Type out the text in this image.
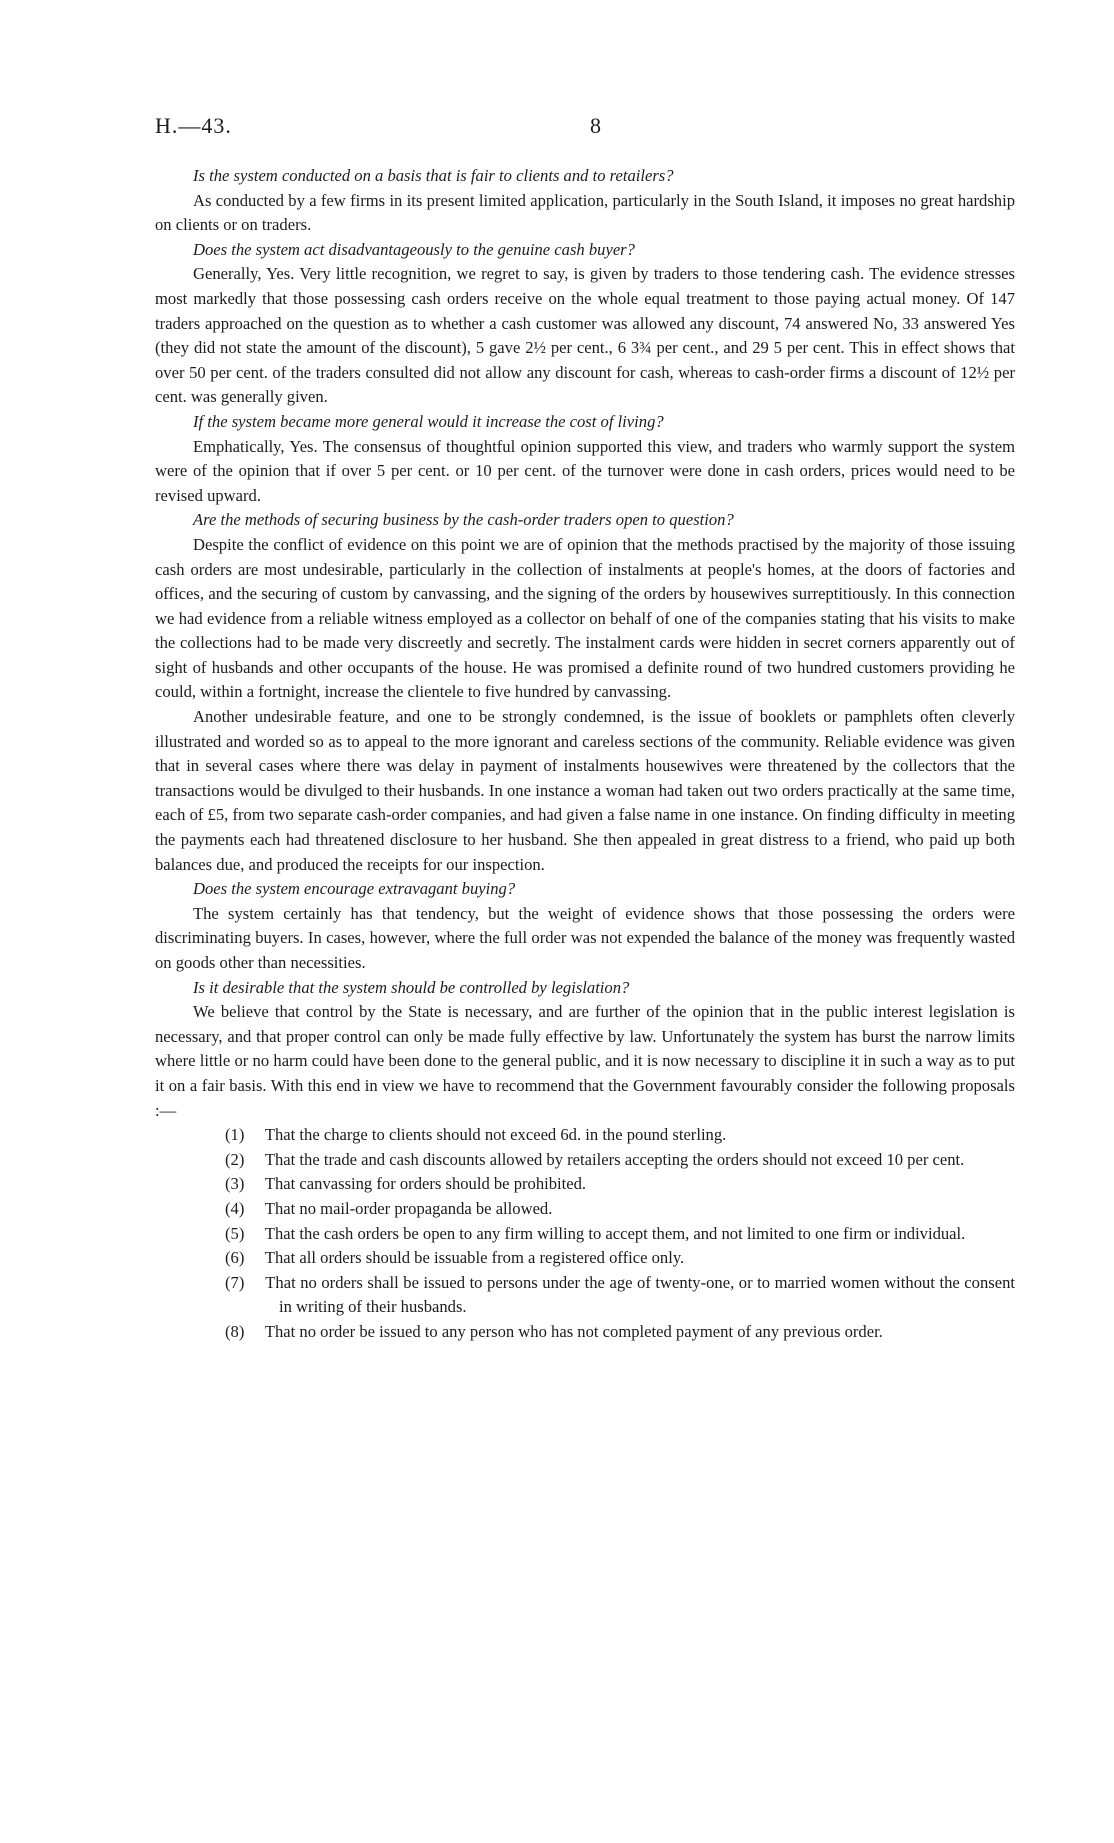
H.—43.	8

Is the system conducted on a basis that is fair to clients and to retailers?

As conducted by a few firms in its present limited application, particularly in the South Island, it imposes no great hardship on clients or on traders.

Does the system act disadvantageously to the genuine cash buyer?

Generally, Yes. Very little recognition, we regret to say, is given by traders to those tendering cash. The evidence stresses most markedly that those possessing cash orders receive on the whole equal treatment to those paying actual money. Of 147 traders approached on the question as to whether a cash customer was allowed any discount, 74 answered No, 33 answered Yes (they did not state the amount of the discount), 5 gave 2½ per cent., 6 3¾ per cent., and 29 5 per cent. This in effect shows that over 50 per cent. of the traders consulted did not allow any discount for cash, whereas to cash-order firms a discount of 12½ per cent. was generally given.

If the system became more general would it increase the cost of living?

Emphatically, Yes. The consensus of thoughtful opinion supported this view, and traders who warmly support the system were of the opinion that if over 5 per cent. or 10 per cent. of the turnover were done in cash orders, prices would need to be revised upward.

Are the methods of securing business by the cash-order traders open to question?

Despite the conflict of evidence on this point we are of opinion that the methods practised by the majority of those issuing cash orders are most undesirable, particularly in the collection of instalments at people's homes, at the doors of factories and offices, and the securing of custom by canvassing, and the signing of the orders by housewives surreptitiously. In this connection we had evidence from a reliable witness employed as a collector on behalf of one of the companies stating that his visits to make the collections had to be made very discreetly and secretly. The instalment cards were hidden in secret corners apparently out of sight of husbands and other occupants of the house. He was promised a definite round of two hundred customers providing he could, within a fortnight, increase the clientele to five hundred by canvassing.

Another undesirable feature, and one to be strongly condemned, is the issue of booklets or pamphlets often cleverly illustrated and worded so as to appeal to the more ignorant and careless sections of the community. Reliable evidence was given that in several cases where there was delay in payment of instalments housewives were threatened by the collectors that the transactions would be divulged to their husbands. In one instance a woman had taken out two orders practically at the same time, each of £5, from two separate cash-order companies, and had given a false name in one instance. On finding difficulty in meeting the payments each had threatened disclosure to her husband. She then appealed in great distress to a friend, who paid up both balances due, and produced the receipts for our inspection.

Does the system encourage extravagant buying?

The system certainly has that tendency, but the weight of evidence shows that those possessing the orders were discriminating buyers. In cases, however, where the full order was not expended the balance of the money was frequently wasted on goods other than necessities.

Is it desirable that the system should be controlled by legislation?

We believe that control by the State is necessary, and are further of the opinion that in the public interest legislation is necessary, and that proper control can only be made fully effective by law. Unfortunately the system has burst the narrow limits where little or no harm could have been done to the general public, and it is now necessary to discipline it in such a way as to put it on a fair basis. With this end in view we have to recommend that the Government favourably consider the following proposals :—

(1) That the charge to clients should not exceed 6d. in the pound sterling.
(2) That the trade and cash discounts allowed by retailers accepting the orders should not exceed 10 per cent.
(3) That canvassing for orders should be prohibited.
(4) That no mail-order propaganda be allowed.
(5) That the cash orders be open to any firm willing to accept them, and not limited to one firm or individual.
(6) That all orders should be issuable from a registered office only.
(7) That no orders shall be issued to persons under the age of twenty-one, or to married women without the consent in writing of their husbands.
(8) That no order be issued to any person who has not completed payment of any previous order.
